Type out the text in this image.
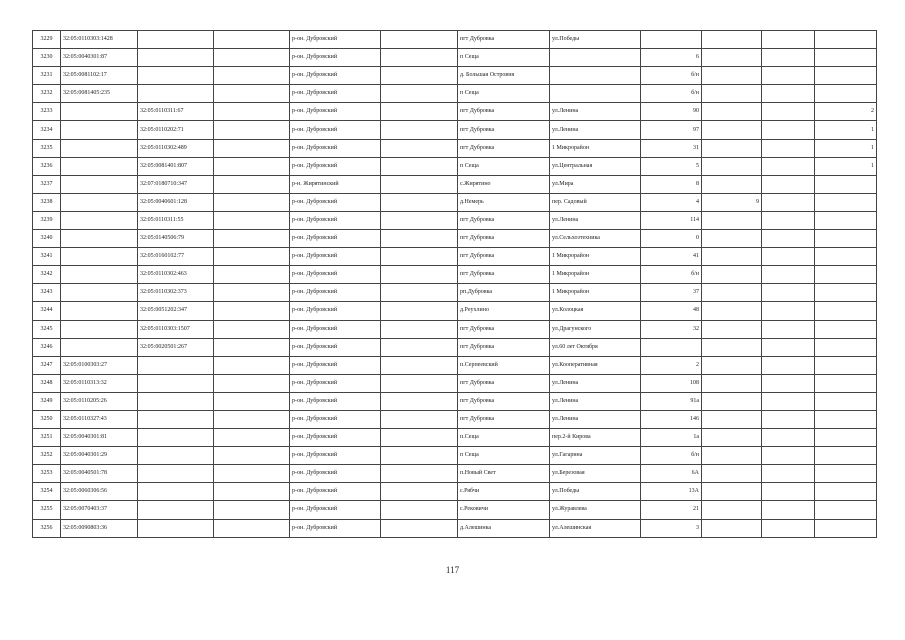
3229	32:05:0110303:1428			р-он. Дубровский		пгт Дубровка	ул.Победы				
3230	32:05:0040301:87			р-он. Дубровский		п Сеща		6			
3231	32:05:0081102:17			р-он. Дубровский		д. Большая Островня		б/н			
3232	32:05:0081405:235			р-он. Дубровский		п Сеща		б/н			
3233		32:05:0110311:67		р-он. Дубровский		пгт Дубровка	ул.Ленина	90			2
3234		32:05:0110202:71		р-он. Дубровский		пгт Дубровка	ул.Ленина	97			1
3235		32:05:0110302:489		р-он. Дубровский		пгт Дубровка	1 Микрорайон	31			1
3236		32:05:0081401:807		р-он. Дубровский		п Сеща	ул.Центральная	5			1
3237		32:07:0180710:347		р-н. Жирятинский		с.Жирятино	ул.Мира	8			
3238		32:05:0040601:128		р-он. Дубровский		д.Немерь	пер. Садовый	4	9		
3239		32:05:0110311:55		р-он. Дубровский		пгт Дубровка	ул.Ленина	114			
3240		32:05:0140506:79		р-он. Дубровский		пгт Дубровка	ул.Сельхозтехника	0			
3241		32:05:0160102:77		р-он. Дубровский		пгт Дубровка	1 Микрорайон	41			
3242		32:05:0110302:463		р-он. Дубровский		пгт Дубровка	1 Микрорайон	б/н			
3243		32:05:0110302:373		р-он. Дубровский		рп.Дубровка	1 Микрорайон	37			
3244		32:05:0051202:347		р-он. Дубровский		д.Peyхлино	ул.Колоцкая	48			
3245		32:05:0110303:1507		р-он. Дубровский		пгт Дубровка	ул.Драгунского	32			
3246		32:05:0020501:267		р-он. Дубровский		пгт Дубровка	ул.60 лет Октября				
3247	32:05:0100303:27			р-он. Дубровский		п.Серпеевский	ул.Кооперативная	2			
3248	32:05:0110313:32			р-он. Дубровский		пгт Дубровка	ул.Ленина	108			
3249	32:05:0110205:26			р-он. Дубровский		пгт Дубровка	ул.Ленина	91а			
3250	32:05:0110327:43			р-он. Дубровский		пгт Дубровка	ул.Ленина	146			
3251	32:05:0040301:81			р-он. Дубровский		п.Сеща	пер.2-й Кирова	1а			
3252	32:05:0040301:29			р-он. Дубровский		п Сеща	ул.Гагарина	б/н			
3253	32:05:0040501:78			р-он. Дубровский		п.Новый Свет	ул.Березовая	6А			
3254	32:05:0060306:56			р-он. Дубровский		с.Рябчи	ул.Победы	13А			
3255	32:05:0070403:37			р-он. Дубровский		с.Рековичи	ул.Журавлева	21			
3256	32:05:0090803:36			р-он. Дубровский		д.Алешинка	ул.Алешинская	3			
117
